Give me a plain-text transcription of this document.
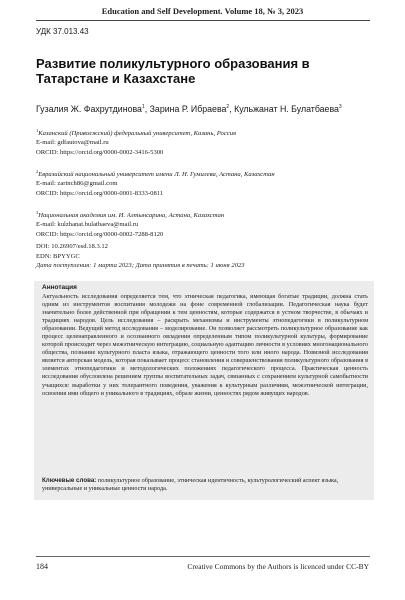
Education and Self Development. Volume 18, № 3, 2023
УДК 37.013.43
Развитие поликультурного образования в Татарстане и Казахстане
Гузалия Ж. Фахрутдинова$^1$, Зарина Р. Ибраева$^2$, Кульжанат Н. Булатбаева$^3$
$^1$Казанский (Приволжский) федеральный университет, Казань, Россия
E-mail: gdfautova@mail.ru
ORCID: https://orcid.org/0000-0002-3416-5300
$^2$Евразийский национальный университет имени Л. Н. Гумилева, Астана, Казахстан
E-mail: zarinch86@gmail.com
ORCID: https://orcid.org/0000-0001-8333-0811
$^3$Национальная академия им. И. Алтынсарина, Астана, Казахстан
E-mail: kulzhanat.bulatbaeva@mail.ru
ORCID: https://orcid.org/0000-0002-7288-8120
DOI: 10.26907/esd.18.3.12
EDN: BPYYGC
Дата поступления: 1 марта 2023; Дата принятия в печать: 1 июня 2023
Аннотация
Актуальность исследования определяется тем, что этническая педагогика, имеющая богатые традиции, должна стать одним из инструментов воспитания молодежи на фоне современной глобализации. Педагогическая наука будет значительно более действенной при обращении к тем ценностям, которые содержатся в устном творчестве, в обычаях и традициях народов. Цель исследования – раскрыть механизмы и инструменты этнопедагогики в поликультурном образовании. Ведущий метод исследования – моделирование. Он позволяет рассмотреть поликультурное образование как процесс целенаправленного и осознанного овладения определенным типом поликультурной культуры, формирование которой происходит через межэтническую интеграцию, социальную адаптацию личности в условиях многонационального общества, познание культурного пласта языка, отражающего ценности того или иного народа. Новизной исследования является авторская модель, которая показывает процесс становления и совершенствования поликультурного образования в элементах этнопедагогики и методологических положениях педагогического процесса. Практическая ценность исследования обусловлена решением группы воспитательных задач, связанных с сохранением культурной самобытности учащихся: выработки у них толерантного поведения, уважения к культурным различиям, межэтнической интеграции, освоения ими общего и уникального в традициях, образе жизни, ценностях рядом живущих народов.
Ключевые слова: поликультурное образование, этническая идентичность, культурологический аспект языка, универсальные и уникальные ценности народа.
184	Creative Commons by the Authors is licenced under CC-BY
